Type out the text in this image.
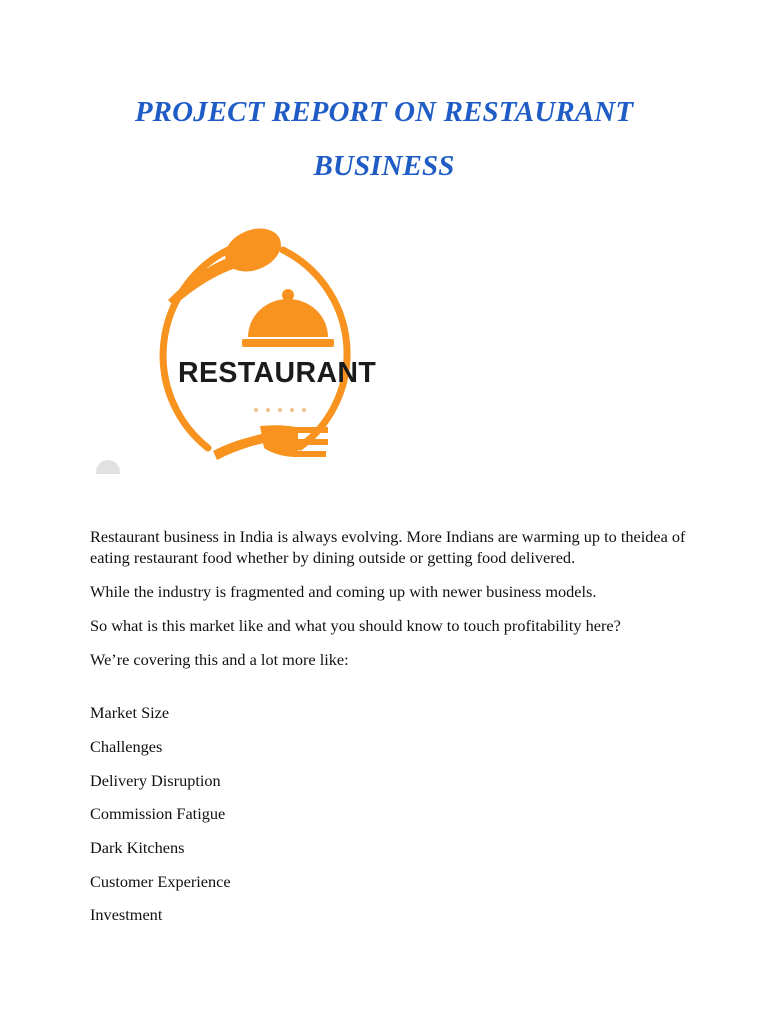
PROJECT REPORT ON RESTAURANT
BUSINESS
RESTAURANT

Restaurant business in India is always evolving. More Indians are warming up to theidea of eating restaurant food whether by dining outside or getting food delivered.

While the industry is fragmented and coming up with newer business models.

So what is this market like and what you should know to touch profitability here?

We’re covering this and a lot more like:

Market Size

Challenges

Delivery Disruption

Commission Fatigue

Dark Kitchens

Customer Experience

Investment
